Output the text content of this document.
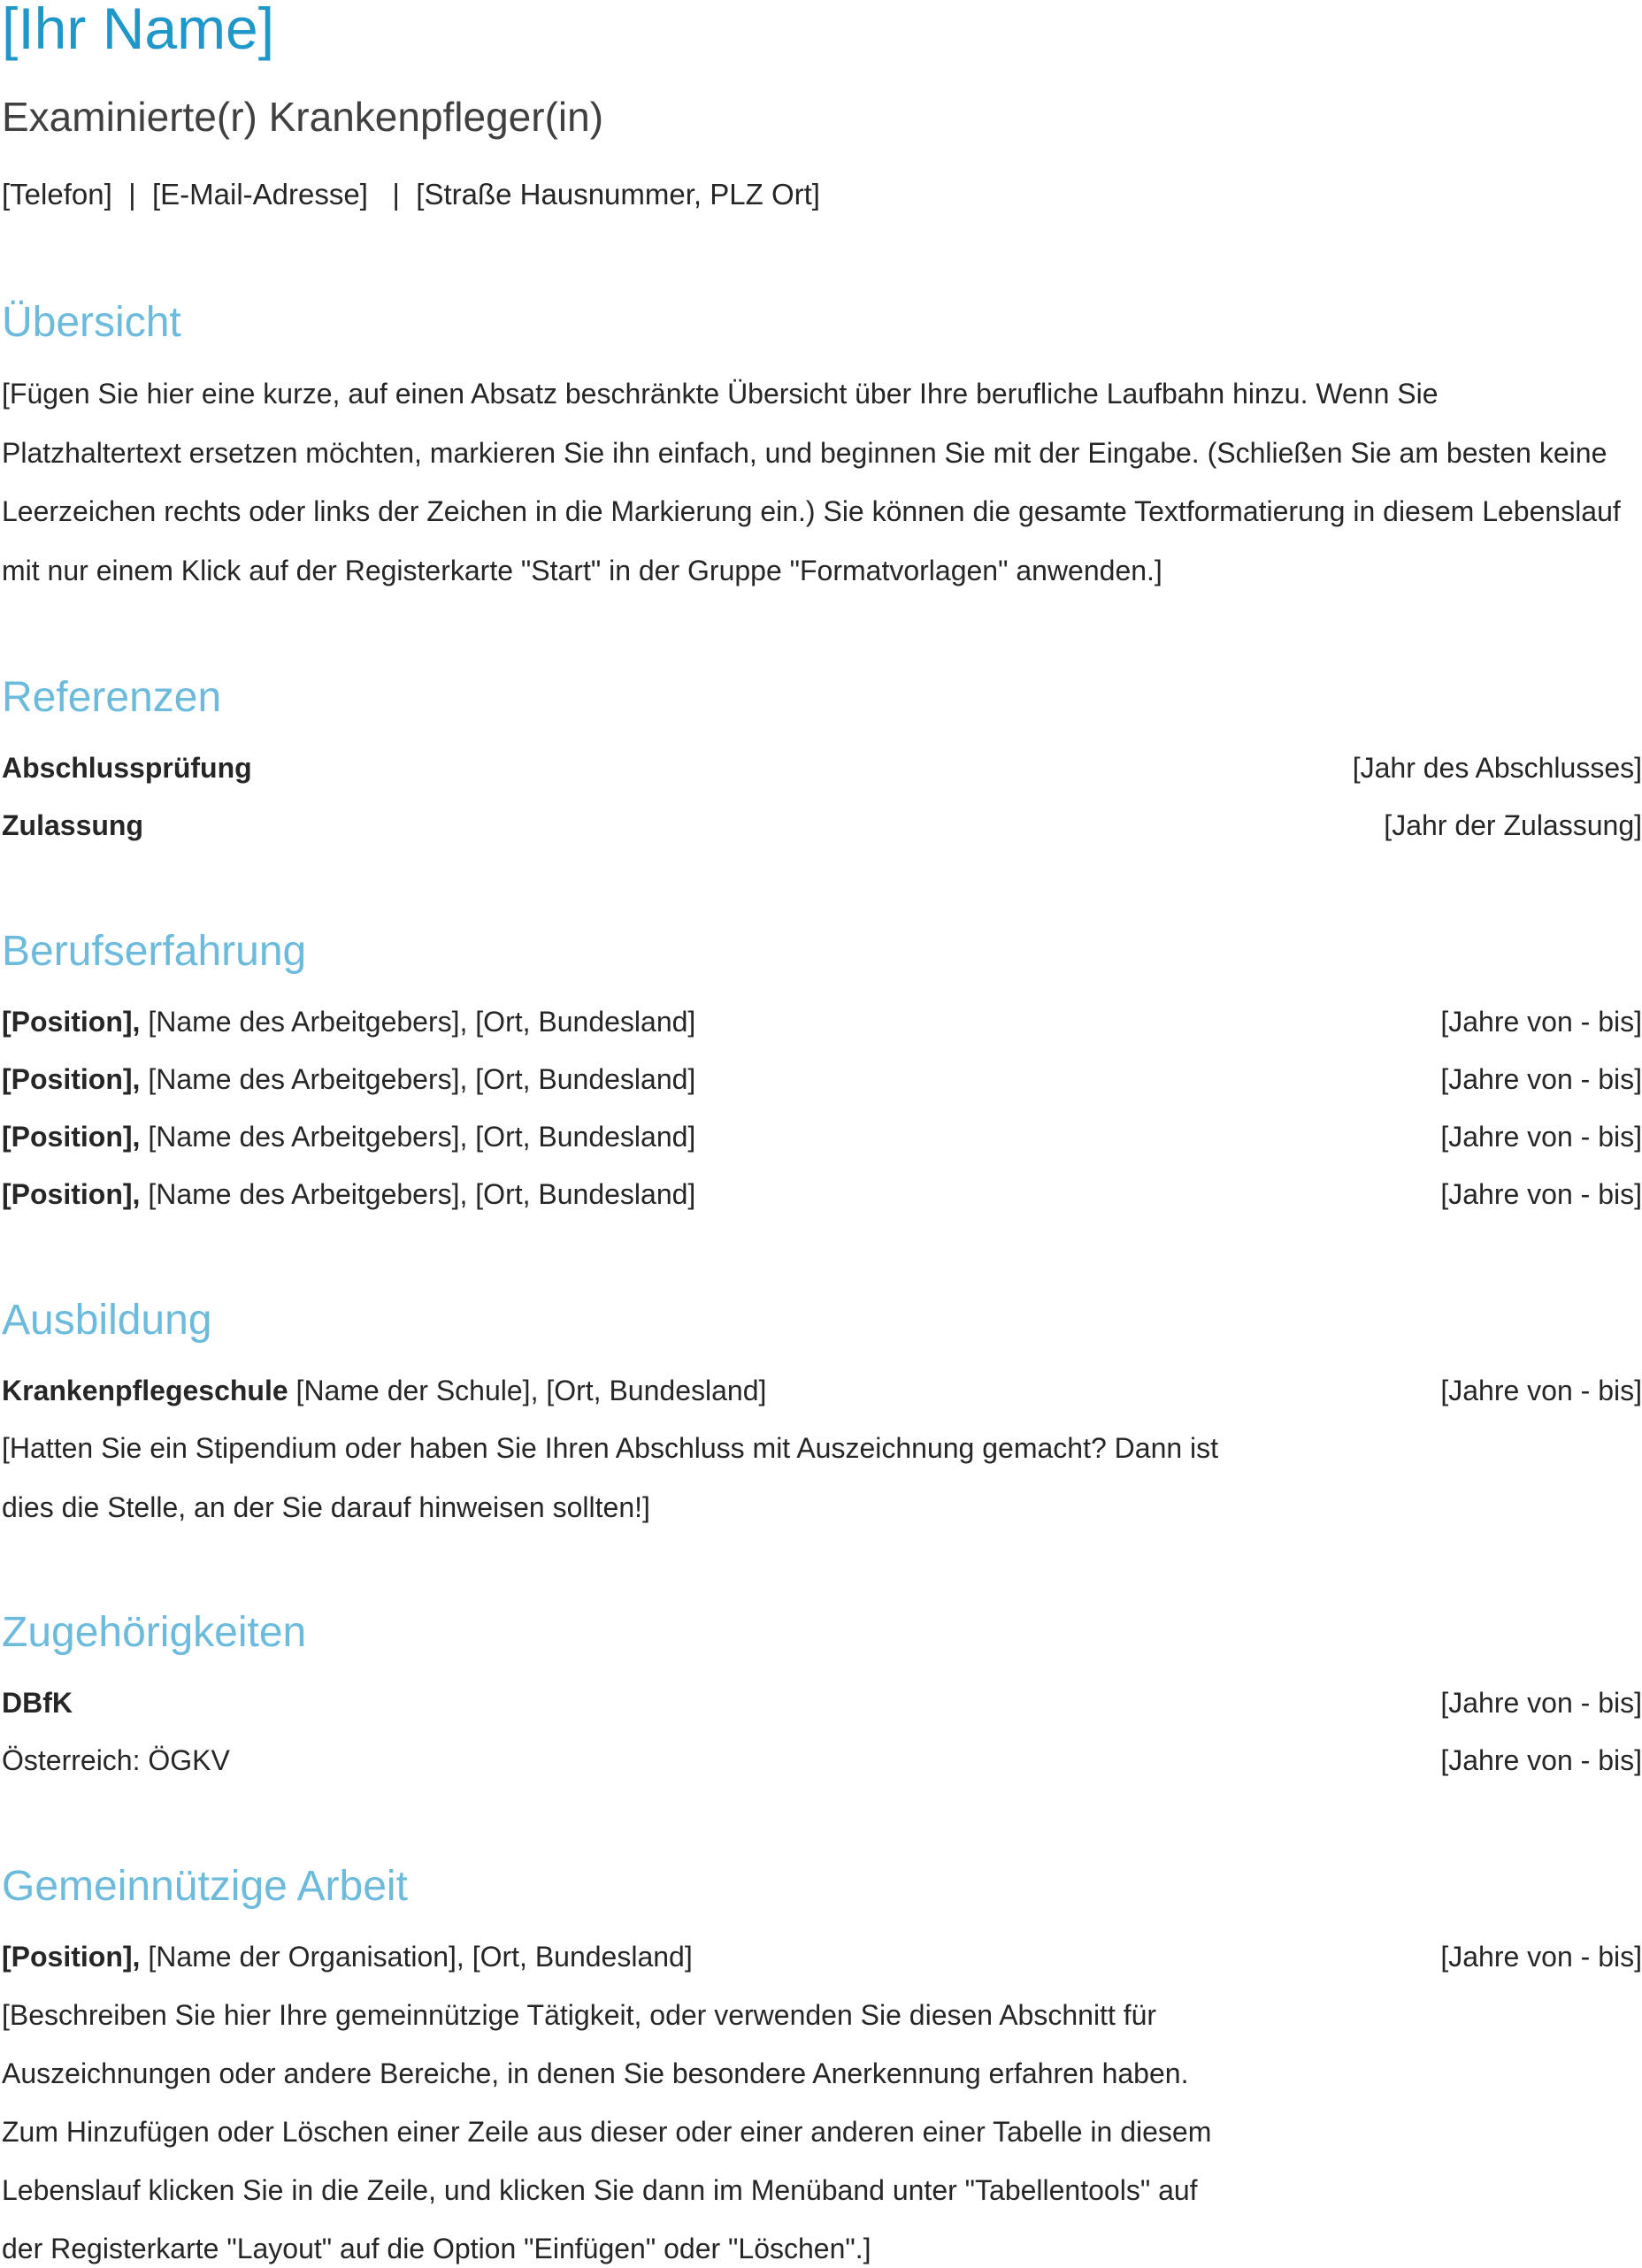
[Ihr Name]
Examinierte(r) Krankenpfleger(in)
[Telefon]  |  [E-Mail-Adresse]   |  [Straße Hausnummer, PLZ Ort]
Übersicht
[Fügen Sie hier eine kurze, auf einen Absatz beschränkte Übersicht über Ihre berufliche Laufbahn hinzu. Wenn Sie Platzhaltertext ersetzen möchten, markieren Sie ihn einfach, und beginnen Sie mit der Eingabe. (Schließen Sie am besten keine Leerzeichen rechts oder links der Zeichen in die Markierung ein.) Sie können die gesamte Textformatierung in diesem Lebenslauf mit nur einem Klick auf der Registerkarte "Start" in der Gruppe "Formatvorlagen" anwenden.]
Referenzen
Abschlussprüfung	[Jahr des Abschlusses]
Zulassung	[Jahr der Zulassung]
Berufserfahrung
[Position], [Name des Arbeitgebers], [Ort, Bundesland]	[Jahre von - bis]
[Position], [Name des Arbeitgebers], [Ort, Bundesland]	[Jahre von - bis]
[Position], [Name des Arbeitgebers], [Ort, Bundesland]	[Jahre von - bis]
[Position], [Name des Arbeitgebers], [Ort, Bundesland]	[Jahre von - bis]
Ausbildung
Krankenpflegeschule [Name der Schule], [Ort, Bundesland]	[Jahre von - bis]
[Hatten Sie ein Stipendium oder haben Sie Ihren Abschluss mit Auszeichnung gemacht? Dann ist
dies die Stelle, an der Sie darauf hinweisen sollten!]
Zugehörigkeiten
DBfK	[Jahre von - bis]
Österreich: ÖGKV	[Jahre von - bis]
Gemeinnützige Arbeit
[Position], [Name der Organisation], [Ort, Bundesland]	[Jahre von - bis]
[Beschreiben Sie hier Ihre gemeinnützige Tätigkeit, oder verwenden Sie diesen Abschnitt für
Auszeichnungen oder andere Bereiche, in denen Sie besondere Anerkennung erfahren haben.
Zum Hinzufügen oder Löschen einer Zeile aus dieser oder einer anderen einer Tabelle in diesem
Lebenslauf klicken Sie in die Zeile, und klicken Sie dann im Menüband unter "Tabellentools" auf
der Registerkarte "Layout" auf die Option "Einfügen" oder "Löschen".]
